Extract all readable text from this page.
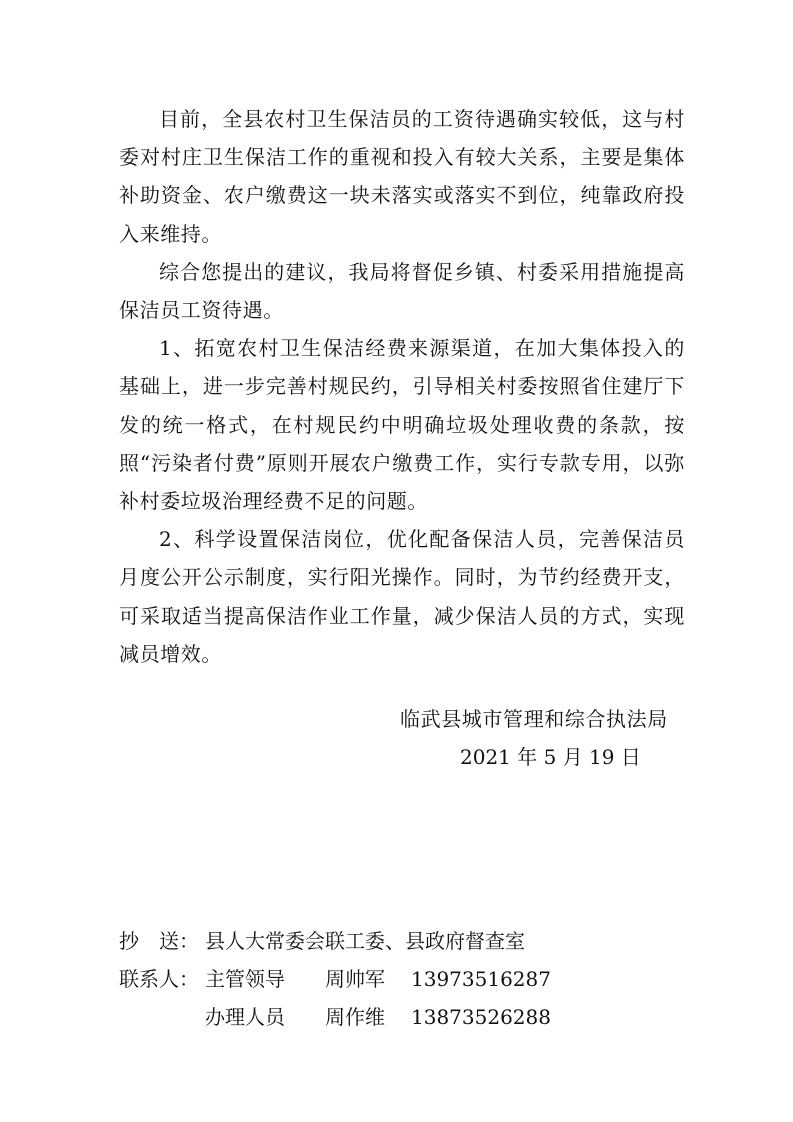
目前，全县农村卫生保洁员的工资待遇确实较低，这与村委对村庄卫生保洁工作的重视和投入有较大关系，主要是集体补助资金、农户缴费这一块未落实或落实不到位，纯靠政府投入来维持。

综合您提出的建议，我局将督促乡镇、村委采用措施提高保洁员工资待遇。

1、拓宽农村卫生保洁经费来源渠道，在加大集体投入的基础上，进一步完善村规民约，引导相关村委按照省住建厅下发的统一格式，在村规民约中明确垃圾处理收费的条款，按照“污染者付费”原则开展农户缴费工作，实行专款专用，以弥补村委垃圾治理经费不足的问题。

2、科学设置保洁岗位，优化配备保洁人员，完善保洁员月度公开公示制度，实行阳光操作。同时，为节约经费开支，可采取适当提高保洁作业工作量，减少保洁人员的方式，实现减员增效。

临武县城市管理和综合执法局
2021 年 5 月 19 日
抄　送： 县人大常委会联工委、县政府督查室
联系人： 主管领导	周帅军	13973516287
办理人员	周作维	13873526288
